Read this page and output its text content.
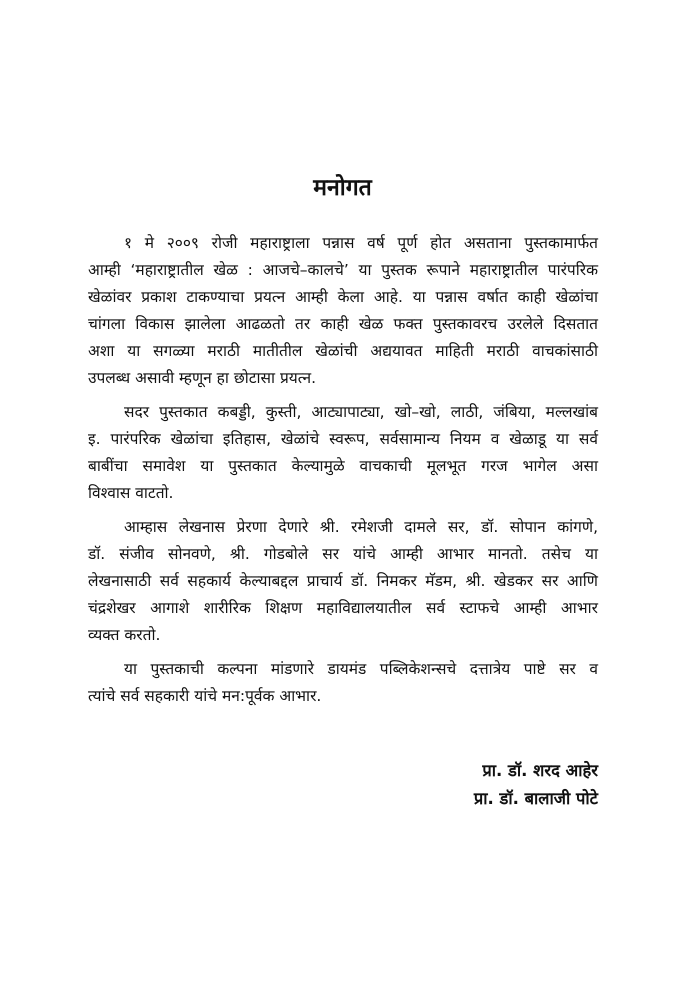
मनोगत
१ मे २००९ रोजी महाराष्ट्राला पन्नास वर्ष पूर्ण होत असताना पुस्तकामार्फत
आम्ही ‘महाराष्ट्रातील खेळ : आजचे–कालचे’ या पुस्तक रूपाने महाराष्ट्रातील पारंपरिक
खेळांवर प्रकाश टाकण्याचा प्रयत्न आम्ही केला आहे. या पन्नास वर्षात काही खेळांचा
चांगला विकास झालेला आढळतो तर काही खेळ फक्त पुस्तकावरच उरलेले दिसतात
अशा या सगळ्या मराठी मातीतील खेळांची अद्ययावत माहिती मराठी वाचकांसाठी
उपलब्ध असावी म्हणून हा छोटासा प्रयत्न.
सदर पुस्तकात कबड्डी, कुस्ती, आट्यापाट्या, खो–खो, लाठी, जंबिया, मल्लखांब
इ. पारंपरिक खेळांचा इतिहास, खेळांचे स्वरूप, सर्वसामान्य नियम व खेळाडू या सर्व
बाबींचा समावेश या पुस्तकात केल्यामुळे वाचकाची मूलभूत गरज भागेल असा
विश्वास वाटतो.
आम्हास लेखनास प्रेरणा देणारे श्री. रमेशजी दामले सर, डॉ. सोपान कांगणे,
डॉ. संजीव सोनवणे, श्री. गोडबोले सर यांचे आम्ही आभार मानतो. तसेच या
लेखनासाठी सर्व सहकार्य केल्याबद्दल प्राचार्य डॉ. निमकर मॅडम, श्री. खेडकर सर आणि
चंद्रशेखर आगाशे शारीरिक शिक्षण महाविद्यालयातील सर्व स्टाफचे आम्ही आभार
व्यक्त करतो.
या पुस्तकाची कल्पना मांडणारे डायमंड पब्लिकेशन्सचे दत्तात्रेय पाष्टे सर व
त्यांचे सर्व सहकारी यांचे मन:पूर्वक आभार.
प्रा. डॉ. शरद आहेर
प्रा. डॉ. बालाजी पोटे
